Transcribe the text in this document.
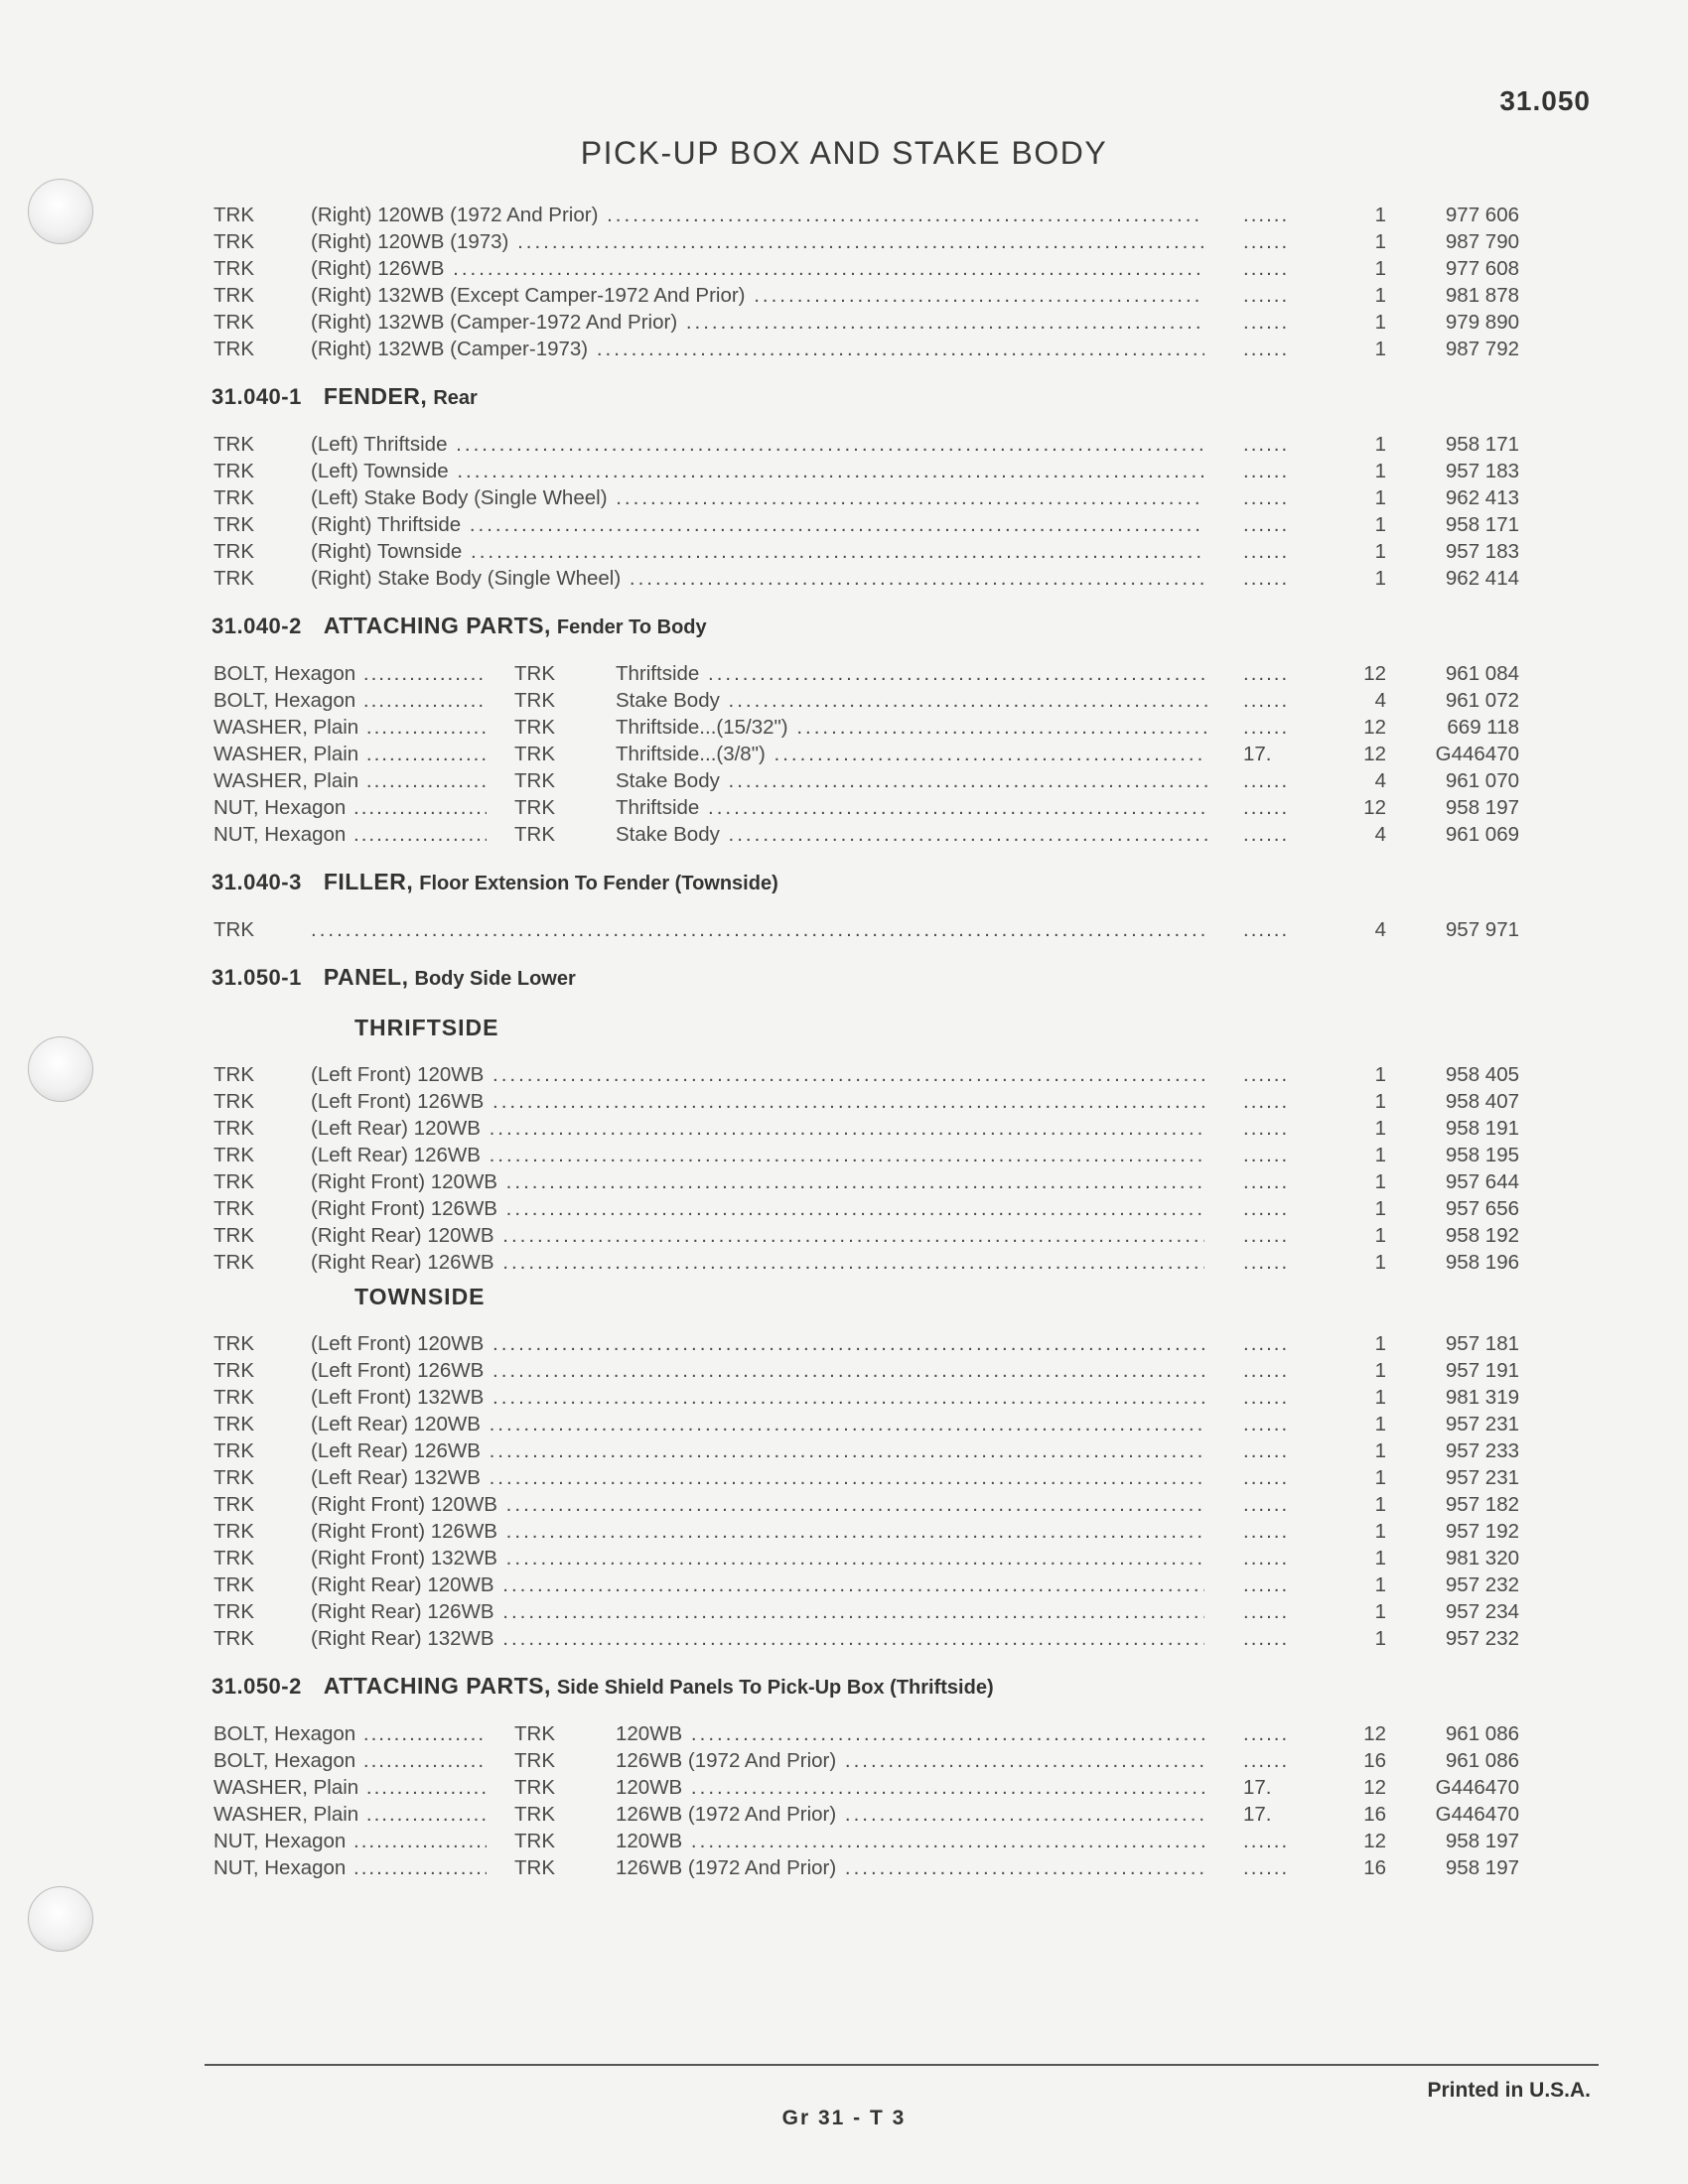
31.050
PICK-UP BOX AND STAKE BODY
TRK	(Right) 120WB (1972 And Prior) .....	......	1	977 606
TRK	(Right) 120WB (1973) .....	......	1	987 790
TRK	(Right) 126WB .....	......	1	977 608
TRK	(Right) 132WB (Except Camper-1972 And Prior) .....	......	1	981 878
TRK	(Right) 132WB (Camper-1972 And Prior) .....	......	1	979 890
TRK	(Right) 132WB (Camper-1973) .....	......	1	987 792
31.040-1 FENDER, Rear
TRK	(Left) Thriftside .....	......	1	958 171
TRK	(Left) Townside .....	......	1	957 183
TRK	(Left) Stake Body (Single Wheel) .....	......	1	962 413
TRK	(Right) Thriftside .....	......	1	958 171
TRK	(Right) Townside .....	......	1	957 183
TRK	(Right) Stake Body (Single Wheel) .....	......	1	962 414
31.040-2 ATTACHING PARTS, Fender To Body
BOLT, Hexagon .....	TRK	Thriftside .....	......	12	961 084
BOLT, Hexagon .....	TRK	Stake Body .....	......	4	961 072
WASHER, Plain .....	TRK	Thriftside...(15/32") .....	......	12	669 118
WASHER, Plain .....	TRK	Thriftside...(3/8") .....	17.	12	G446470
WASHER, Plain .....	TRK	Stake Body .....	......	4	961 070
NUT, Hexagon .....	TRK	Thriftside .....	......	12	958 197
NUT, Hexagon .....	TRK	Stake Body .....	......	4	961 069
31.040-3 FILLER, Floor Extension To Fender (Townside)
TRK
.....	......	4	957 971
31.050-1 PANEL, Body Side Lower
THRIFTSIDE
TRK	(Left Front) 120WB .....	......	1	958 405
TRK	(Left Front) 126WB .....	......	1	958 407
TRK	(Left Rear) 120WB .....	......	1	958 191
TRK	(Left Rear) 126WB .....	......	1	958 195
TRK	(Right Front) 120WB .....	......	1	957 644
TRK	(Right Front) 126WB .....	......	1	957 656
TRK	(Right Rear) 120WB .....	......	1	958 192
TRK	(Right Rear) 126WB .....	......	1	958 196
TOWNSIDE
TRK	(Left Front) 120WB .....	......	1	957 181
TRK	(Left Front) 126WB .....	......	1	957 191
TRK	(Left Front) 132WB .....	......	1	981 319
TRK	(Left Rear) 120WB .....	......	1	957 231
TRK	(Left Rear) 126WB .....	......	1	957 233
TRK	(Left Rear) 132WB .....	......	1	957 231
TRK	(Right Front) 120WB .....	......	1	957 182
TRK	(Right Front) 126WB .....	......	1	957 192
TRK	(Right Front) 132WB .....	......	1	981 320
TRK	(Right Rear) 120WB .....	......	1	957 232
TRK	(Right Rear) 126WB .....	......	1	957 234
TRK	(Right Rear) 132WB .....	......	1	957 232
31.050-2 ATTACHING PARTS, Side Shield Panels To Pick-Up Box (Thriftside)
BOLT, Hexagon .....	TRK	120WB .....	......	12	961 086
BOLT, Hexagon .....	TRK	126WB (1972 And Prior) .....	......	16	961 086
WASHER, Plain .....	TRK	120WB .....	17.	12	G446470
WASHER, Plain .....	TRK	126WB (1972 And Prior) .....	17.	16	G446470
NUT, Hexagon .....	TRK	120WB .....	......	12	958 197
NUT, Hexagon .....	TRK	126WB (1972 And Prior) .....	......	16	958 197
Printed in U.S.A.
Gr 31 - T 3
